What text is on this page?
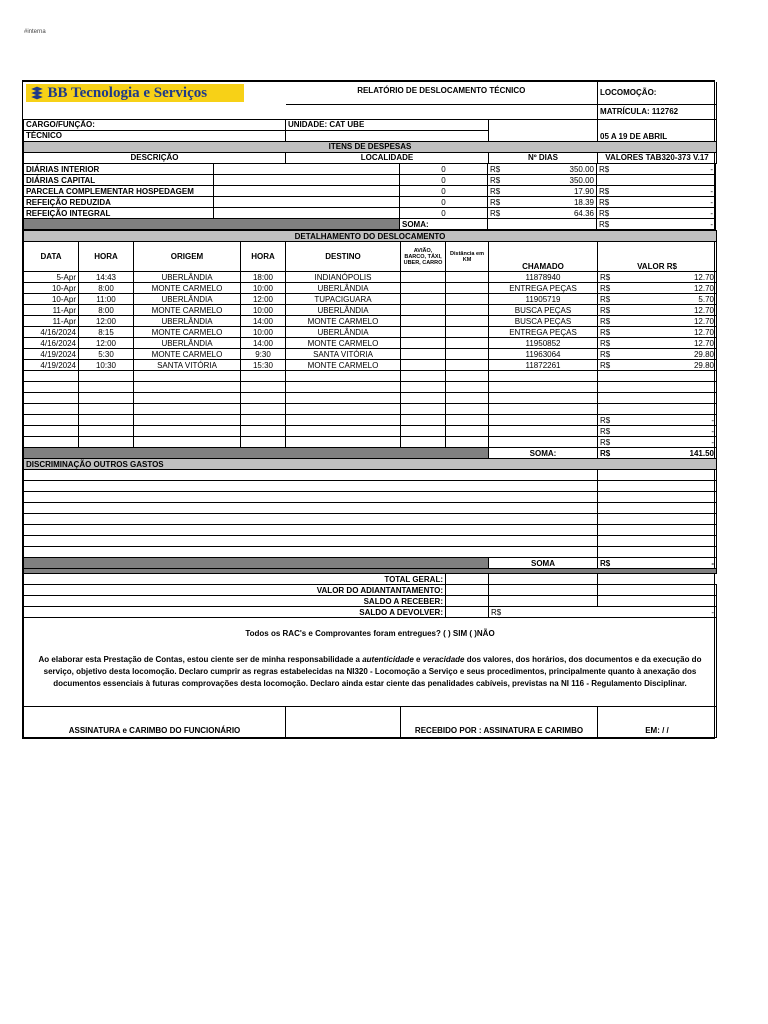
#interna
BB Tecnologia e Serviços	RELATÓRIO DE DESLOCAMENTO TÉCNICO		LOCOMOÇÃO:
			MATRÍCULA: 112762
CARGO/FUNÇÃO:	UNIDADE: CAT UBE		05 A 19 DE ABRIL
TÉCNICO			
ITENS DE DESPESAS			
DESCRIÇÃO	LOCALIDADE	Nº DIAS	VALORES TAB320-373 V.17

DIÁRIAS INTERIOR		0	R$ 350.00	R$ -

DIÁRIAS CAPITAL		0	R$ 350.00	

PARCELA COMPLEMENTAR HOSPEDAGEM		0	R$ 17.90	R$ -

REFEIÇÃO REDUZIDA		0	R$ 18.39	R$ -

REFEIÇÃO INTEGRAL		0	R$ 64.36	R$ -

		SOMA:		R$ -
DETALHAMENTO DO DESLOCAMENTO								
DATA	HORA	ORIGEM	HORA	DESTINO	AVIÃO, BARCO, TÁXI, UBER, CARRO	Distância em KM	CHAMADO	VALOR R$
5-Apr	14:43	UBERLÂNDIA	18:00	INDIANÓPOLIS			11878940	R$ 12.70

10-Apr	8:00	MONTE CARMELO	10:00	UBERLÂNDIA			ENTREGA PEÇAS	R$ 12.70

10-Apr	11:00	UBERLÂNDIA	12:00	TUPACIGUARA			11905719	R$ 5.70

11-Apr	8:00	MONTE CARMELO	10:00	UBERLÂNDIA			BUSCA PEÇAS	R$ 12.70

11-Apr	12:00	UBERLÂNDIA	14:00	MONTE CARMELO			BUSCA PEÇAS	R$ 12.70

4/16/2024	8:15	MONTE CARMELO	10:00	UBERLÂNDIA			ENTREGA PEÇAS	R$ 12.70

4/16/2024	12:00	UBERLÂNDIA	14:00	MONTE CARMELO			11950852	R$ 12.70

4/19/2024	5:30	MONTE CARMELO	9:30	SANTA VITÓRIA			11963064	R$ 29.80

4/19/2024	10:30	SANTA VITÓRIA	15:30	MONTE CARMELO			11872261	R$ 29.80

								R$ -

								R$ -

								R$ -

							SOMA:	R$ 141.50

DISCRIMINAÇÃO OUTROS GASTOS								

							SOMA	R$ -

TOTAL GERAL:								
VALOR DO ADIANTANTAMENTO:								
SALDO A RECEBER:								
SALDO A DEVOLVER:							R$ -	

Todos os RAC's e Comprovantes foram entregues? ( ) SIM ( )NÃO								
Ao elaborar esta Prestação de Contas, estou ciente ser de minha responsabilidade a autenticidade e veracidade dos valores, dos horários, dos documentos e da execução do serviço, objetivo desta locomoção. Declaro cumprir as regras estabelecidas na NI320 - Locomoção a Serviço e seus procedimentos, principalmente quanto à anexação dos documentos essenciais à futuras comprovações desta locomoção. Declaro ainda estar ciente das penalidades cabíveis, previstas na NI 116 - Regulamento Disciplinar.								
ASSINATURA e CARIMBO DO FUNCIONÁRIO					RECEBIDO POR : ASSINATURA E CARIMBO			EM: / /
